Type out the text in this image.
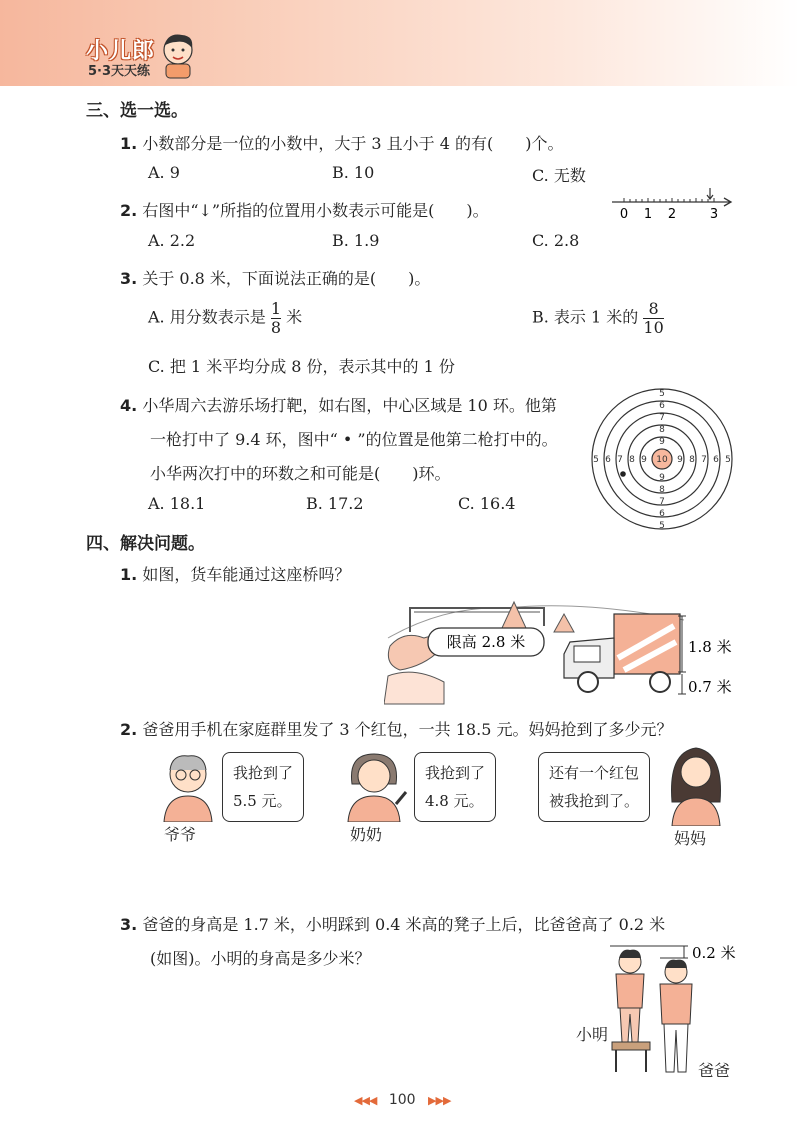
小儿郎
5·3天天练
三、选一选。
1. 小数部分是一位的小数中，大于 3 且小于 4 的有(　　)个。
A. 9	B. 10	C. 无数
2. 右图中“↓”所指的位置用小数表示可能是(　　)。
A. 2.2	B. 1.9	C. 2.8
0 1 2	3
3. 关于 0.8 米，下面说法正确的是(　　)。
A. 用分数表示是 $\frac{1}{8}$ 米	B. 表示 1 米的 $\frac{8}{10}$
C. 把 1 米平均分成 8 份，表示其中的 1 份
4. 小华周六去游乐场打靶，如右图，中心区域是 10 环。他第
一枪打中了 9.4 环，图中“ • ”的位置是他第二枪打中的。
小华两次打中的环数之和可能是(　　)环。
A. 18.1	B. 17.2	C. 16.4
5
5
5	5
6
6
6	6
7
7
7	7
8
8
8	8
9
9
9	9
10
四、解决问题。
1. 如图，货车能通过这座桥吗？
限高 2.8 米	1.8 米
0.7 米
2. 爸爸用手机在家庭群里发了 3 个红包，一共 18.5 元。妈妈抢到了多少元？
我抢到了
5.5 元。
爷爷
我抢到了
4.8 元。
奶奶
还有一个红包
被我抢到了。
妈妈
3. 爸爸的身高是 1.7 米，小明踩到 0.4 米高的凳子上后，比爸爸高了 0.2 米
(如图)。小明的身高是多少米？	0.2 米
小明
爸爸
◀◀◀ 100 ▶▶▶
